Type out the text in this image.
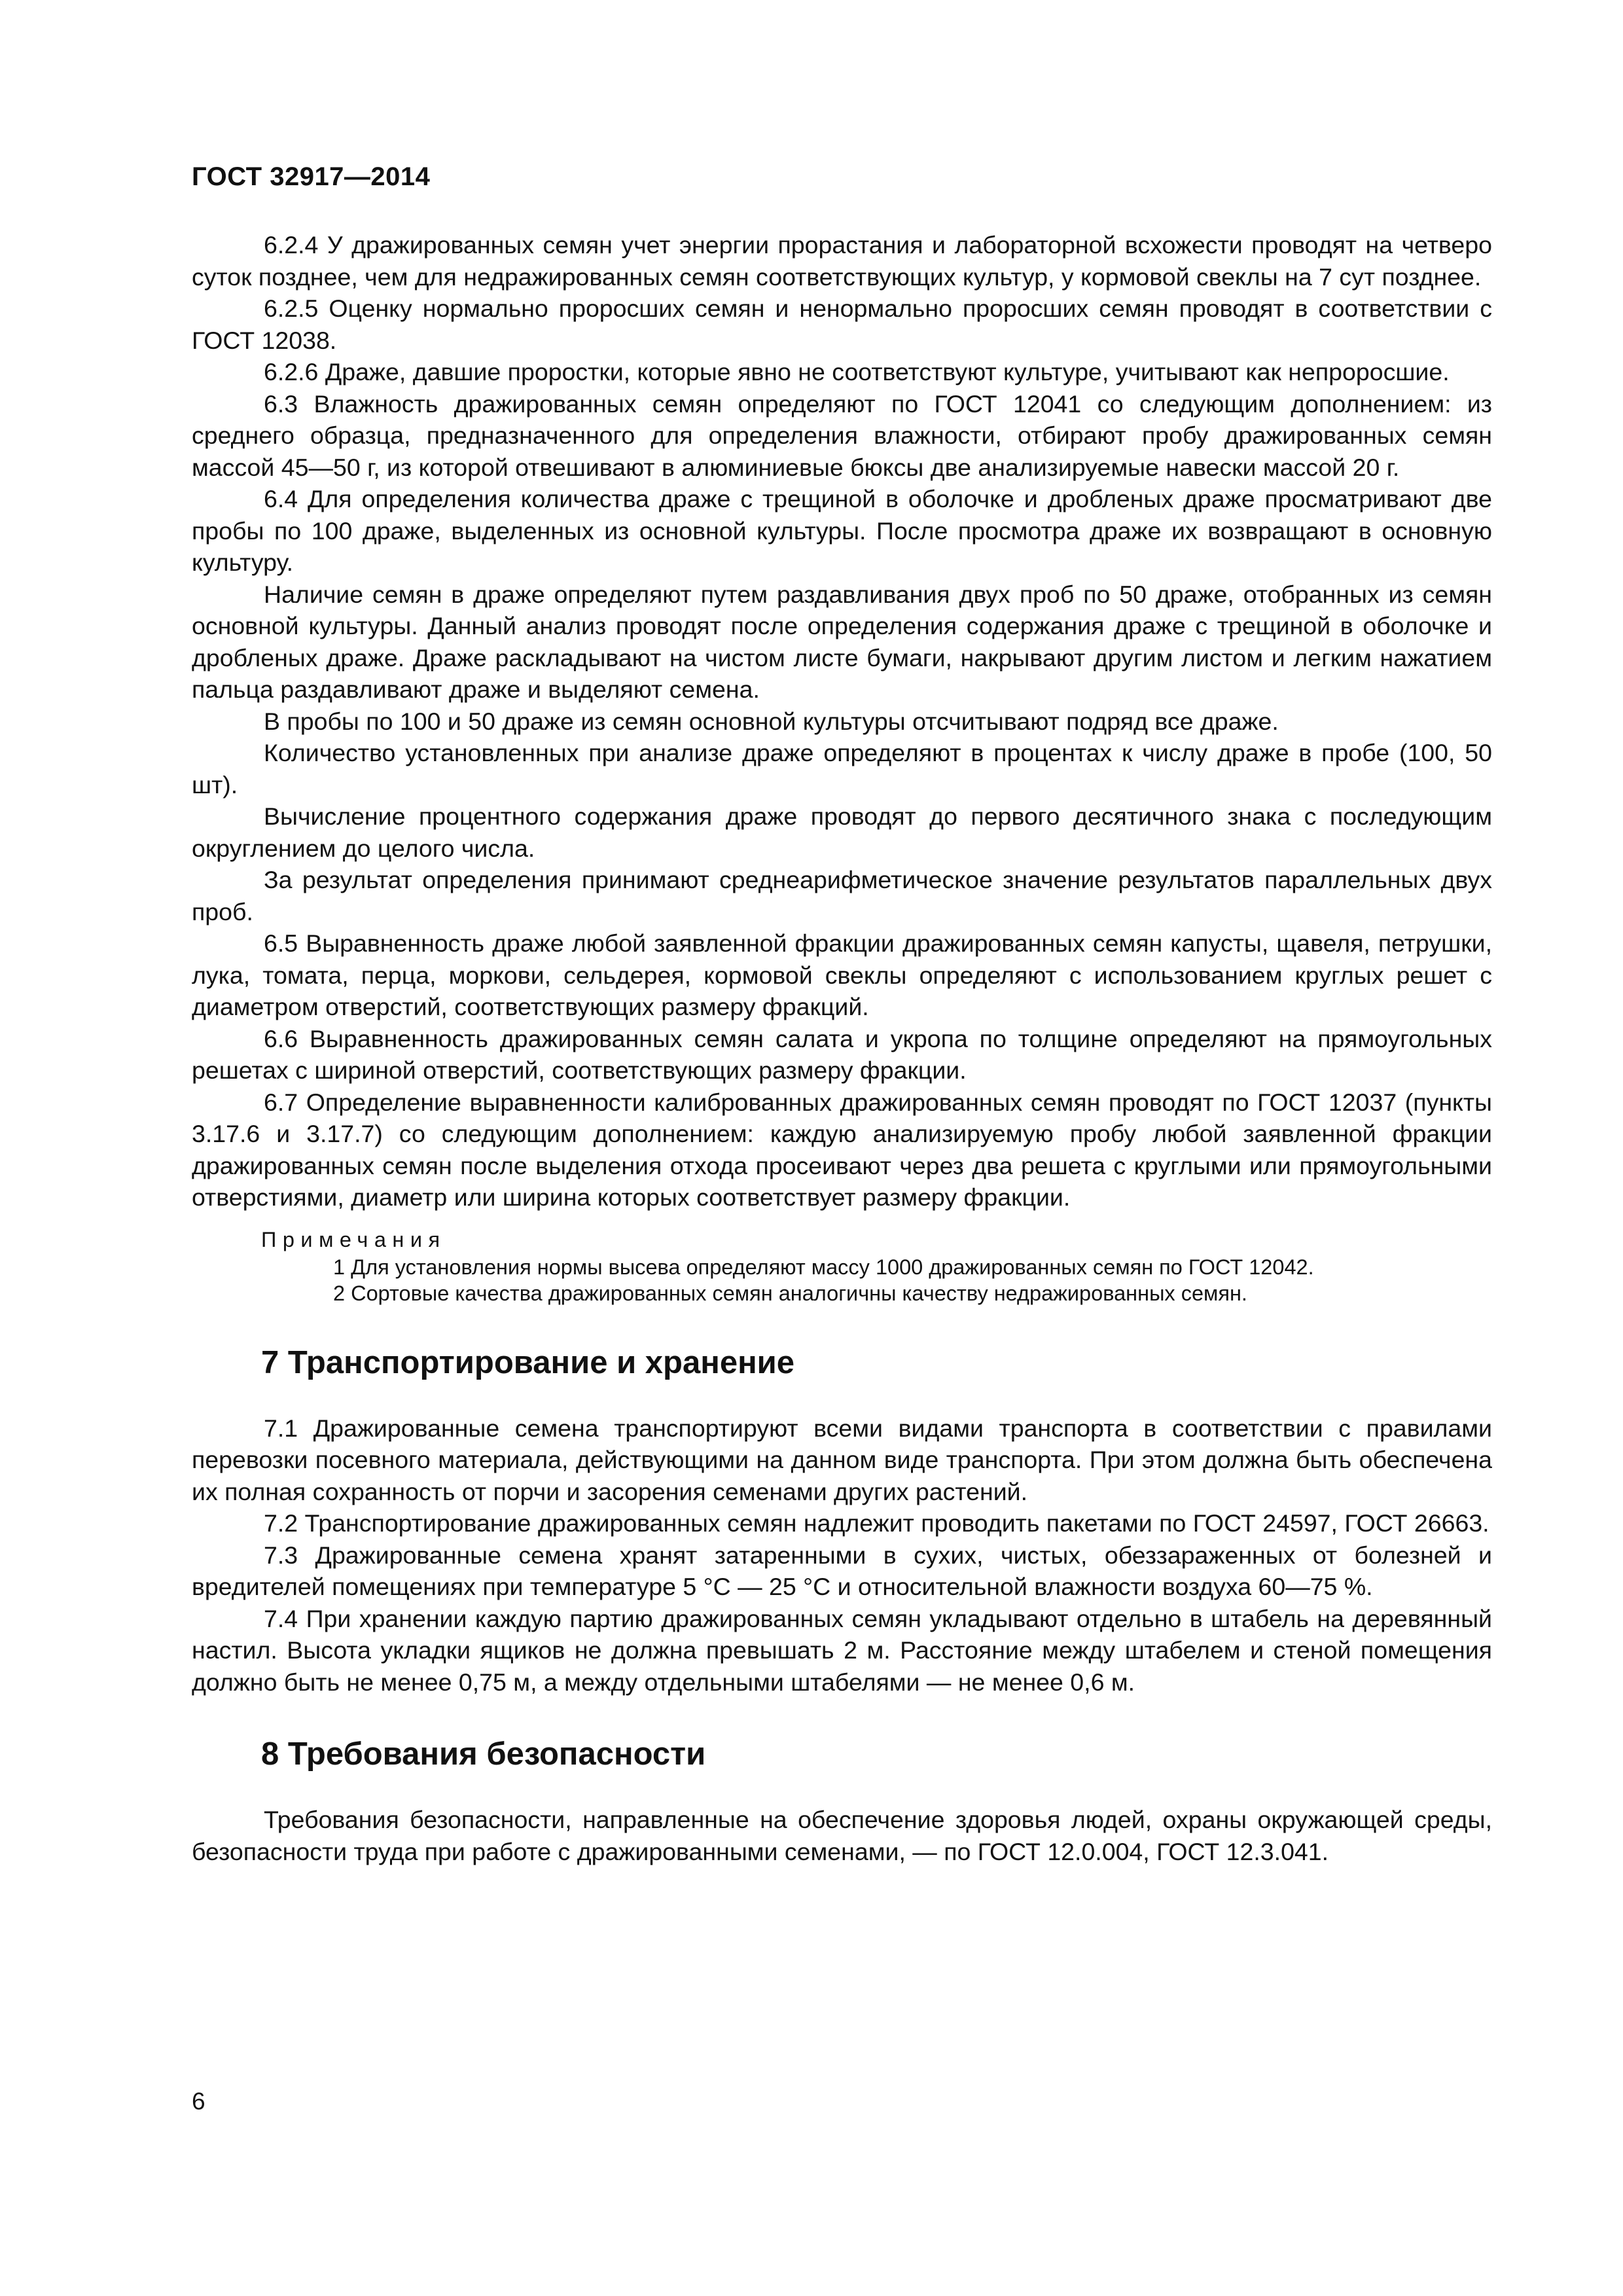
ГОСТ 32917—2014

6.2.4 У дражированных семян учет энергии прорастания и лабораторной всхожести проводят на четверо суток позднее, чем для недражированных семян соответствующих культур, у кормовой свеклы на 7 сут позднее.

6.2.5 Оценку нормально проросших семян и ненормально проросших семян проводят в соответствии с ГОСТ 12038.

6.2.6 Драже, давшие проростки, которые явно не соответствуют культуре, учитывают как непроросшие.

6.3 Влажность дражированных семян определяют по ГОСТ 12041 со следующим дополнением: из среднего образца, предназначенного для определения влажности, отбирают пробу дражированных семян массой 45—50 г, из которой отвешивают в алюминиевые бюксы две анализируемые навески массой 20 г.

6.4 Для определения количества драже с трещиной в оболочке и дробленых драже просматривают две пробы по 100 драже, выделенных из основной культуры. После просмотра драже их возвращают в основную культуру.

Наличие семян в драже определяют путем раздавливания двух проб по 50 драже, отобранных из семян основной культуры. Данный анализ проводят после определения содержания драже с трещиной в оболочке и дробленых драже. Драже раскладывают на чистом листе бумаги, накрывают другим листом и легким нажатием пальца раздавливают драже и выделяют семена.

В пробы по 100 и 50 драже из семян основной культуры отсчитывают подряд все драже.

Количество установленных при анализе драже определяют в процентах к числу драже в пробе (100, 50 шт).

Вычисление процентного содержания драже проводят до первого десятичного знака с последующим округлением до целого числа.

За результат определения принимают среднеарифметическое значение результатов параллельных двух проб.

6.5 Выравненность драже любой заявленной фракции дражированных семян капусты, щавеля, петрушки, лука, томата, перца, моркови, сельдерея, кормовой свеклы определяют с использованием круглых решет с диаметром отверстий, соответствующих размеру фракций.

6.6 Выравненность дражированных семян салата и укропа по толщине определяют на прямоугольных решетах с шириной отверстий, соответствующих размеру фракции.

6.7 Определение выравненности калиброванных дражированных семян проводят по ГОСТ 12037 (пункты 3.17.6 и 3.17.7) со следующим дополнением: каждую анализируемую пробу любой заявленной фракции дражированных семян после выделения отхода просеивают через два решета с круглыми или прямоугольными отверстиями, диаметр или ширина которых соответствует размеру фракции.

Примечания

1 Для установления нормы высева определяют массу 1000 дражированных семян по ГОСТ 12042.

2 Сортовые качества дражированных семян аналогичны качеству недражированных семян.

7 Транспортирование и хранение

7.1 Дражированные семена транспортируют всеми видами транспорта в соответствии с правилами перевозки посевного материала, действующими на данном виде транспорта. При этом должна быть обеспечена их полная сохранность от порчи и засорения семенами других растений.

7.2 Транспортирование дражированных семян надлежит проводить пакетами по ГОСТ 24597, ГОСТ 26663.

7.3 Дражированные семена хранят затаренными в сухих, чистых, обеззараженных от болезней и вредителей помещениях при температуре 5 °С — 25 °С и относительной влажности воздуха 60—75 %.

7.4 При хранении каждую партию дражированных семян укладывают отдельно в штабель на деревянный настил. Высота укладки ящиков не должна превышать 2 м. Расстояние между штабелем и стеной помещения должно быть не менее 0,75 м, а между отдельными штабелями — не менее 0,6 м.

8 Требования безопасности

Требования безопасности, направленные на обеспечение здоровья людей, охраны окружающей среды, безопасности труда при работе с дражированными семенами, — по ГОСТ 12.0.004, ГОСТ 12.3.041.

6
